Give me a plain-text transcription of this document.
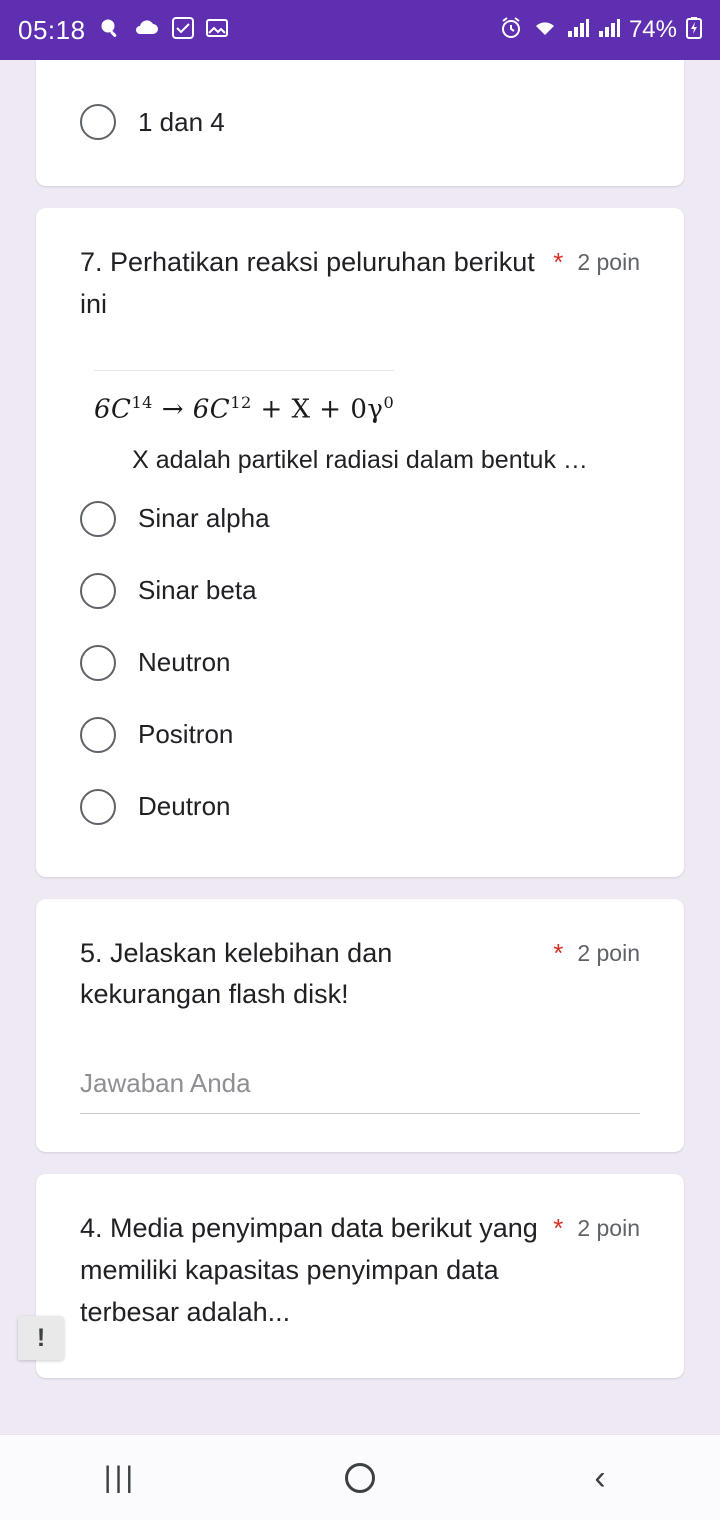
05:18	74%
1 dan 4
7. Perhatikan reaksi peluruhan berikut ini
* 2 poin
$6C^{14} \to 6C^{12} + X + 0\gamma^0$
X adalah partikel radiasi dalam bentuk …
Sinar alpha
Sinar beta
Neutron
Positron
Deutron
5. Jelaskan kelebihan dan kekurangan flash disk!
* 2 poin
Jawaban Anda
4. Media penyimpan data berikut yang memiliki kapasitas penyimpan data terbesar adalah...
* 2 poin
!
|||	‹
